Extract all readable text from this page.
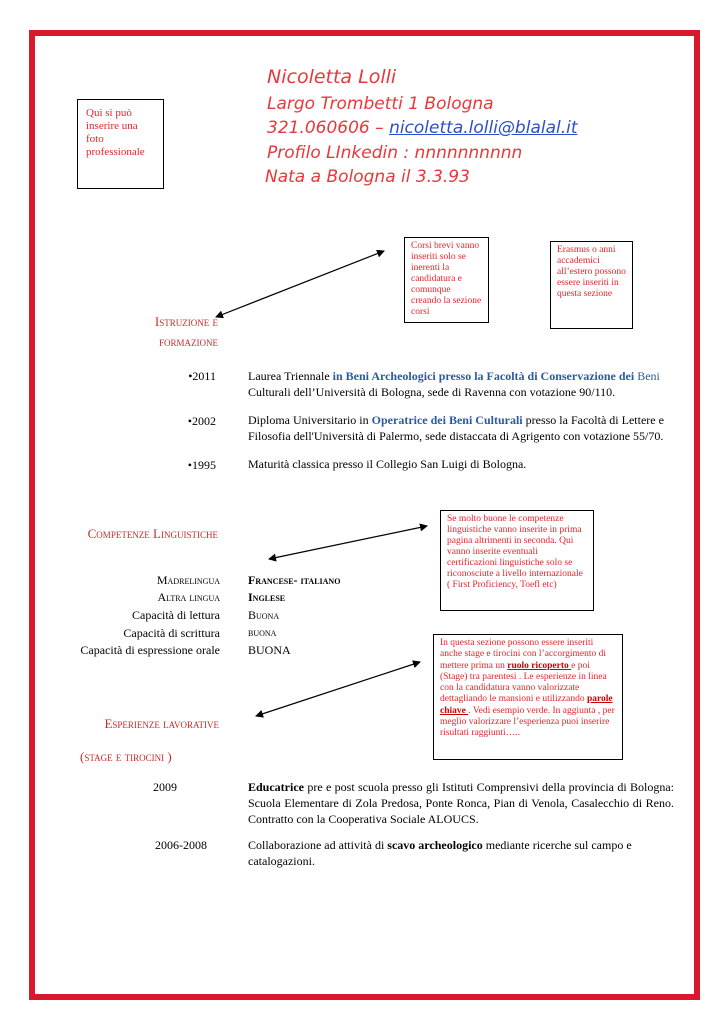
Nicoletta Lolli
Largo Trombetti 1 Bologna
321.060606 – nicoletta.lolli@blalal.it
Profilo LInkedin : nnnnnnnnnn
Nata a Bologna il 3.3.93
Qui si può inserire una foto professionale
Corsi brevi vanno inseriti solo se inerenti la candidatura e comunque creando la sezione corsi
Erasmus o anni accademici all’estero possono essere inseriti in questa sezione
Se molto buone le competenze linguistiche vanno inserite in prima pagina altrimenti in seconda. Qui vanno inserite eventuali certificazioni linguistiche solo se riconosciute a livello internazionale ( First Proficiency, Toefl etc)
In questa sezione possono essere inseriti anche stage e tirocini con l’accorgimento di mettere prima un ruolo ricoperto e poi (Stage) tra parentesi . Le esperienze in linea con la candidatura vanno valorizzate dettagliando le mansioni e utilizzando parole chiave . Vedi esempio verde. In aggiunta , per meglio valorizzare l’esperienza puoi inserire risultati raggiunti…..
Istruzione e
formazione
•2011	Laurea Triennale in Beni Archeologici presso la Facoltà di Conservazione dei Beni
Culturali dell’Università di Bologna, sede di Ravenna con votazione 90/110.
•2002	Diploma Universitario in Operatrice dei Beni Culturali presso la Facoltà di Lettere e
Filosofia dell'Università di Palermo, sede distaccata di Agrigento con votazione 55/70.
•1995	Maturità classica presso il Collegio San Luigi di Bologna.
Competenze Linguistiche
Madrelingua Francese- italiano
Altra lingua Inglese
Capacità di lettura Buona
Capacità di scrittura	buona
Capacità di espressione orale BUONA
Esperienze lavorative
(stage e tirocini )
2009	Educatrice pre e post scuola presso gli Istituti Comprensivi della provincia di Bologna: Scuola Elementare di Zola Predosa, Ponte Ronca, Pian di Venola, Casalecchio di Reno. Contratto con la Cooperativa Sociale ALOUCS.
2006-2008	Collaborazione ad attività di scavo archeologico mediante ricerche sul campo e catalogazioni.
